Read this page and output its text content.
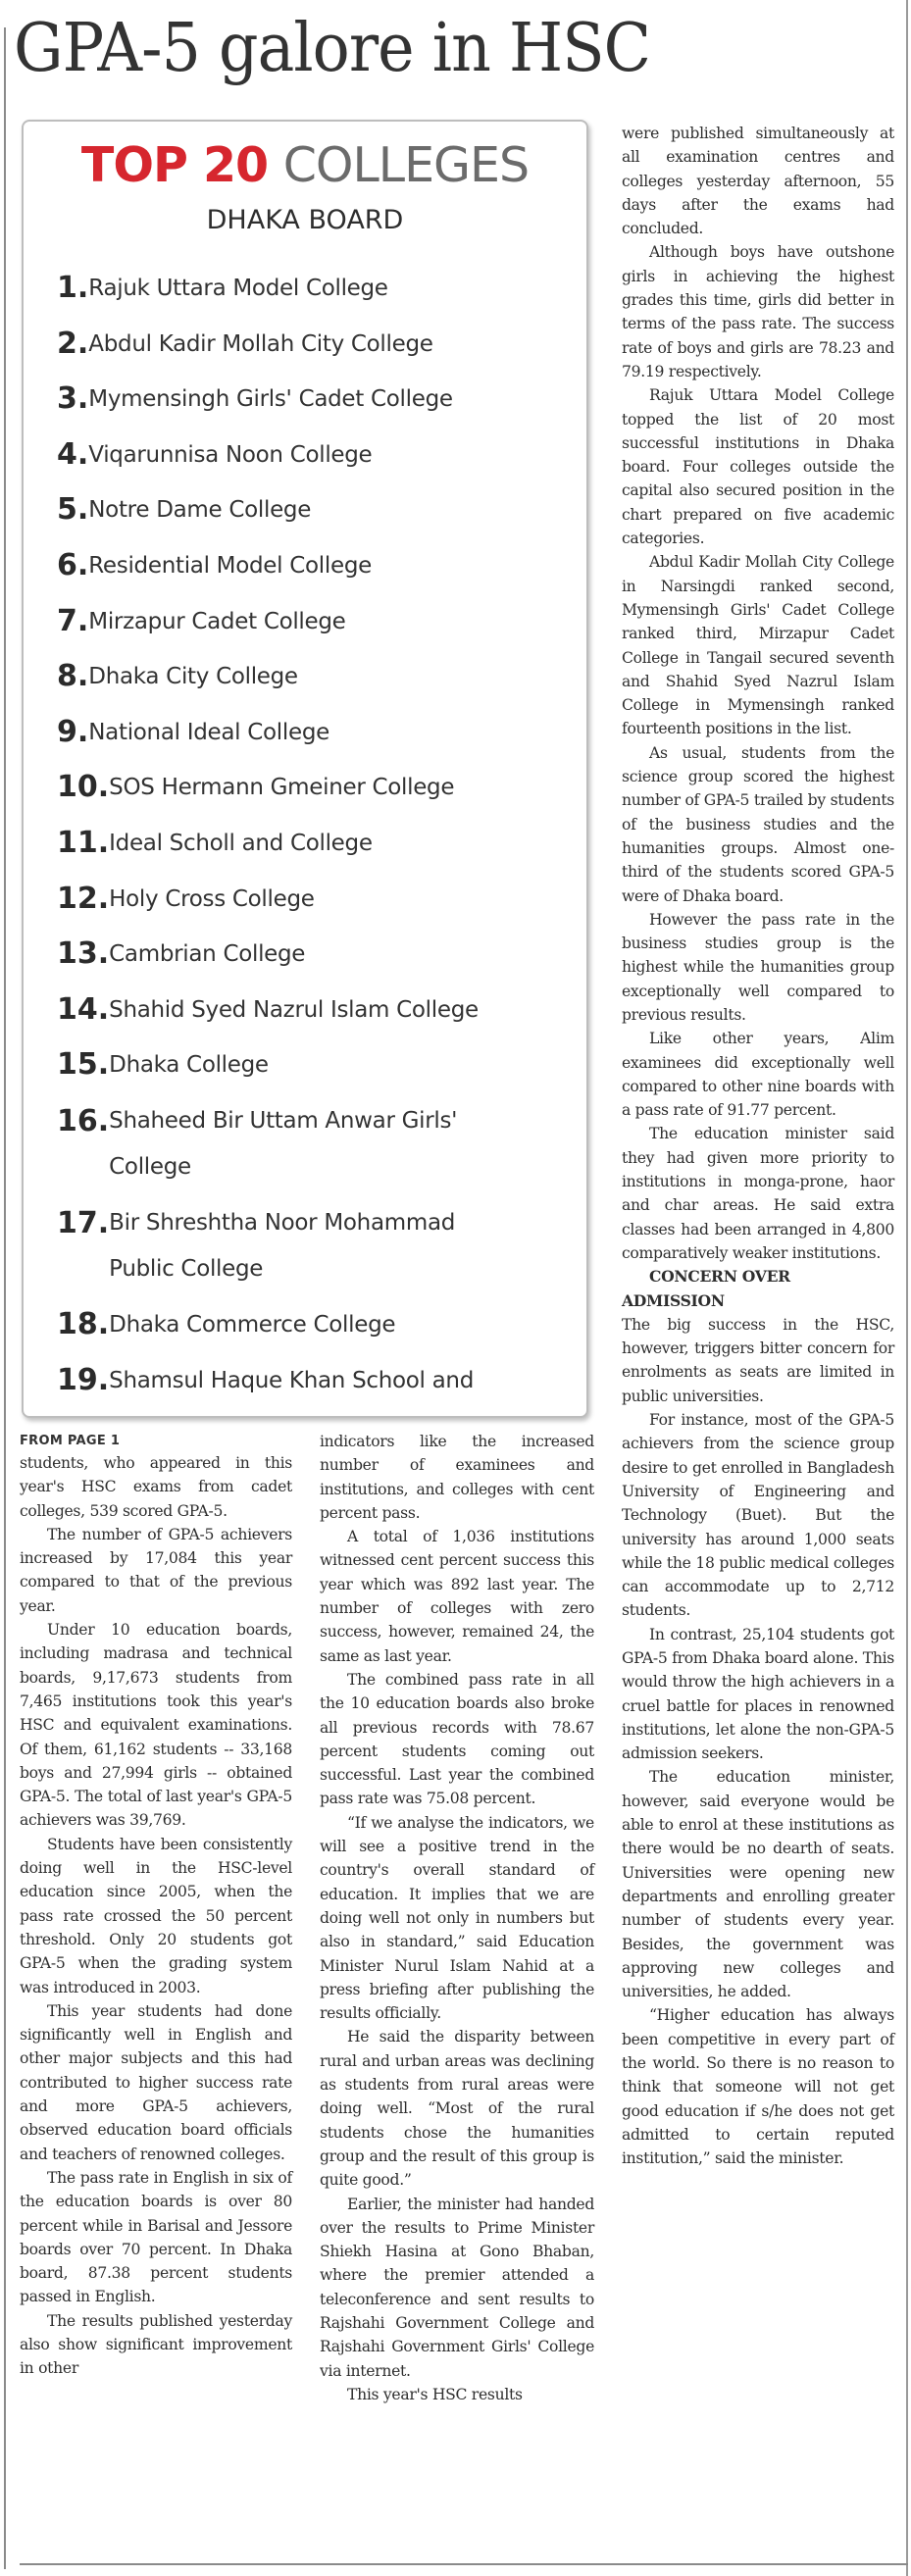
GPA-5 galore in HSC
TOP 20 COLLEGES
DHAKA BOARD
1. Rajuk Uttara Model College
2. Abdul Kadir Mollah City College
3. Mymensingh Girls' Cadet College
4. Viqarunnisa Noon College
5. Notre Dame College
6. Residential Model College
7. Mirzapur Cadet College
8. Dhaka City College
9. National Ideal College
10. SOS Hermann Gmeiner College
11. Ideal Scholl and College
12. Holy Cross College
13. Cambrian College
14. Shahid Syed Nazrul Islam College
15. Dhaka College
16. Shaheed Bir Uttam Anwar Girls' College
17. Bir Shreshtha Noor Mohammad Public College
18. Dhaka Commerce College
19. Shamsul Haque Khan School and
FROM PAGE 1

students, who appeared in this year's HSC exams from cadet colleges, 539 scored GPA-5.

The number of GPA-5 achievers increased by 17,084 this year compared to that of the previous year.

Under 10 education boards, including madrasa and technical boards, 9,17,673 students from 7,465 institutions took this year's HSC and equivalent examinations. Of them, 61,162 students -- 33,168 boys and 27,994 girls -- obtained GPA-5. The total of last year's GPA-5 achievers was 39,769.

Students have been consistently doing well in the HSC-level education since 2005, when the pass rate crossed the 50 percent threshold. Only 20 students got GPA-5 when the grading system was introduced in 2003.

This year students had done significantly well in English and other major subjects and this had contributed to higher success rate and more GPA-5 achievers, observed education board officials and teachers of renowned colleges.

The pass rate in English in six of the education boards is over 80 percent while in Barisal and Jessore boards over 70 percent. In Dhaka board, 87.38 percent students passed in English.

The results published yesterday also show significant improvement in other

indicators like the increased number of examinees and institutions, and colleges with cent percent pass.

A total of 1,036 institutions witnessed cent percent success this year which was 892 last year. The number of colleges with zero success, however, remained 24, the same as last year.

The combined pass rate in all the 10 education boards also broke all previous records with 78.67 percent students coming out successful. Last year the combined pass rate was 75.08 percent.

“If we analyse the indicators, we will see a positive trend in the country's overall standard of education. It implies that we are doing well not only in numbers but also in standard,” said Education Minister Nurul Islam Nahid at a press briefing after publishing the results officially.

He said the disparity between rural and urban areas was declining as students from rural areas were doing well. “Most of the rural students chose the humanities group and the result of this group is quite good.”

Earlier, the minister had handed over the results to Prime Minister Shiekh Hasina at Gono Bhaban, where the premier attended a teleconference and sent results to Rajshahi Government College and Rajshahi Government Girls' College via internet.

This year's HSC results

were published simultaneously at all examination centres and colleges yesterday afternoon, 55 days after the exams had concluded.

Although boys have outshone girls in achieving the highest grades this time, girls did better in terms of the pass rate. The success rate of boys and girls are 78.23 and 79.19 respectively.

Rajuk Uttara Model College topped the list of 20 most successful institutions in Dhaka board. Four colleges outside the capital also secured position in the chart prepared on five academic categories.

Abdul Kadir Mollah City College in Narsingdi ranked second, Mymensingh Girls' Cadet College ranked third, Mirzapur Cadet College in Tangail secured seventh and Shahid Syed Nazrul Islam College in Mymensingh ranked fourteenth positions in the list.

As usual, students from the science group scored the highest number of GPA-5 trailed by students of the business studies and the humanities groups. Almost one-third of the students scored GPA-5 were of Dhaka board.

However the pass rate in the business studies group is the highest while the humanities group exceptionally well compared to previous results.

Like other years, Alim examinees did exceptionally well compared to other nine boards with a pass rate of 91.77 percent.

The education minister said they had given more priority to institutions in monga-prone, haor and char areas. He said extra classes had been arranged in 4,800 comparatively weaker institutions.

CONCERN OVER ADMISSION

The big success in the HSC, however, triggers bitter concern for enrolments as seats are limited in public universities.

For instance, most of the GPA-5 achievers from the science group desire to get enrolled in Bangladesh University of Engineering and Technology (Buet). But the university has around 1,000 seats while the 18 public medical colleges can accommodate up to 2,712 students.

In contrast, 25,104 students got GPA-5 from Dhaka board alone. This would throw the high achievers in a cruel battle for places in renowned institutions, let alone the non-GPA-5 admission seekers.

The education minister, however, said everyone would be able to enrol at these institutions as there would be no dearth of seats. Universities were opening new departments and enrolling greater number of students every year. Besides, the government was approving new colleges and universities, he added.

“Higher education has always been competitive in every part of the world. So there is no reason to think that someone will not get good education if s/he does not get admitted to certain reputed institution,” said the minister.
